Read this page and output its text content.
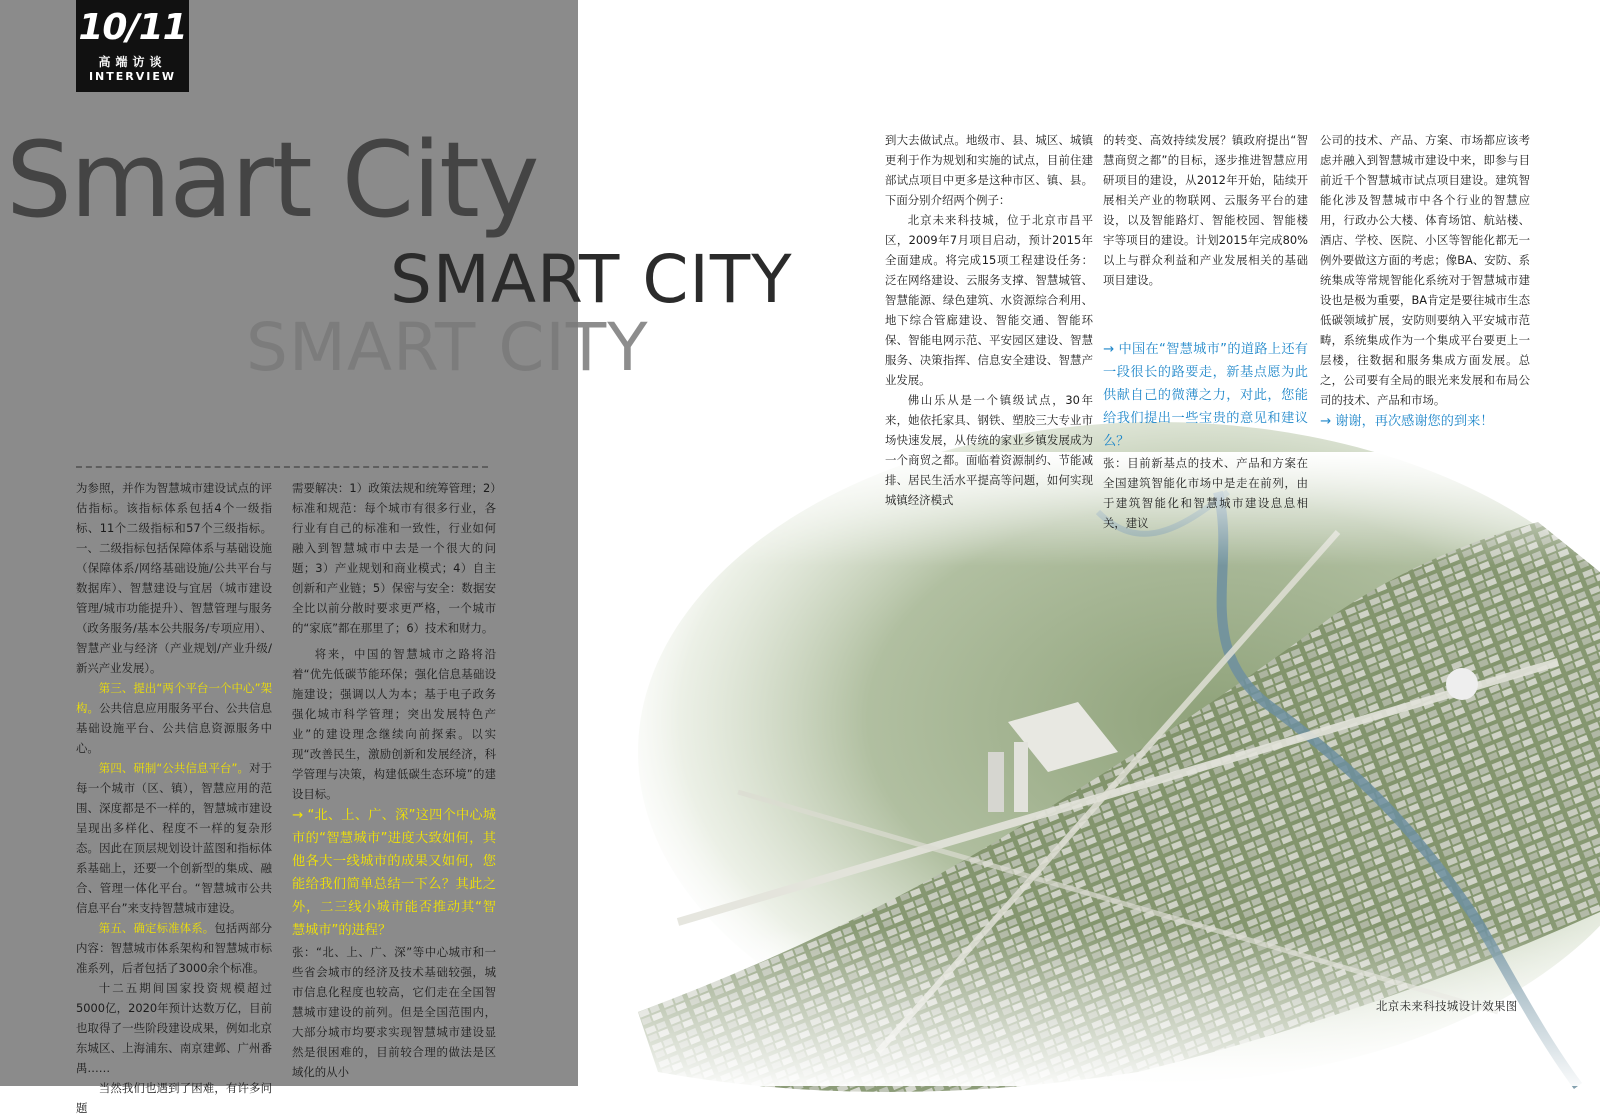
10/11
高端访谈
INTERVIEW
Smart City
SMART CITY
SMART CITY

为参照，并作为智慧城市建设试点的评估指标。该指标体系包括4个一级指标、11个二级指标和57个三级指标。一、二级指标包括保障体系与基础设施（保障体系/网络基础设施/公共平台与数据库）、智慧建设与宜居（城市建设管理/城市功能提升）、智慧管理与服务（政务服务/基本公共服务/专项应用）、智慧产业与经济（产业规划/产业升级/新兴产业发展）。

第三、提出“两个平台一个中心”架构。公共信息应用服务平台、公共信息基础设施平台、公共信息资源服务中心。

第四、研制“公共信息平台”。对于每一个城市（区、镇），智慧应用的范围、深度都是不一样的，智慧城市建设呈现出多样化、程度不一样的复杂形态。因此在顶层规划设计蓝图和指标体系基础上，还要一个创新型的集成、融合、管理一体化平台。“智慧城市公共信息平台”来支持智慧城市建设。

第五、确定标准体系。包括两部分内容：智慧城市体系架构和智慧城市标准系列，后者包括了3000余个标准。

十二五期间国家投资规模超过5000亿，2020年预计达数万亿，目前也取得了一些阶段建设成果，例如北京东城区、上海浦东、南京建邺、广州番禺……

当然我们也遇到了困难，有许多问题

需要解决：1）政策法规和统筹管理；2）标准和规范：每个城市有很多行业，各行业有自己的标准和一致性，行业如何融入到智慧城市中去是一个很大的问题；3）产业规划和商业模式；4）自主创新和产业链；5）保密与安全：数据安全比以前分散时要求更严格，一个城市的“家底”都在那里了；6）技术和财力。

将来，中国的智慧城市之路将沿着“优先低碳节能环保；强化信息基础设施建设；强调以人为本；基于电子政务强化城市科学管理；突出发展特色产业”的建设理念继续向前探索。以实现“改善民生，激励创新和发展经济，科学管理与决策，构建低碳生态环境”的建设目标。

→ “北、上、广、深”这四个中心城市的“智慧城市”进度大致如何，其他各大一线城市的成果又如何，您能给我们简单总结一下么？其此之外，二三线小城市能否推动其“智慧城市”的进程？

张：“北、上、广、深”等中心城市和一些省会城市的经济及技术基础较强，城市信息化程度也较高，它们走在全国智慧城市建设的前列。但是全国范围内，大部分城市均要求实现智慧城市建设显然是很困难的，目前较合理的做法是区域化的从小

到大去做试点。地级市、县、城区、城镇更利于作为规划和实施的试点，目前住建部试点项目中更多是这种市区、镇、县。下面分别介绍两个例子：

北京未来科技城，位于北京市昌平区，2009年7月项目启动，预计2015年全面建成。将完成15项工程建设任务：泛在网络建设、云服务支撑、智慧城管、智慧能源、绿色建筑、水资源综合利用、地下综合管廊建设、智能交通、智能环保、智能电网示范、平安园区建设、智慧服务、决策指挥、信息安全建设、智慧产业发展。

佛山乐从是一个镇级试点，30年来，她依托家具、钢铁、塑胶三大专业市场快速发展，从传统的家业乡镇发展成为一个商贸之都。面临着资源制约、节能减排、居民生活水平提高等问题，如何实现城镇经济模式

的转变、高效持续发展？镇政府提出“智慧商贸之都”的目标，逐步推进智慧应用研项目的建设，从2012年开始，陆续开展相关产业的物联网、云服务平台的建设，以及智能路灯、智能校园、智能楼宇等项目的建设。计划2015年完成80%以上与群众利益和产业发展相关的基础项目建设。

→ 中国在“智慧城市”的道路上还有一段很长的路要走，新基点愿为此供献自己的微薄之力，对此，您能给我们提出一些宝贵的意见和建议么？

张：目前新基点的技术、产品和方案在全国建筑智能化市场中是走在前列，由于建筑智能化和智慧城市建设息息相关，建议

公司的技术、产品、方案、市场都应该考虑并融入到智慧城市建设中来，即参与目前近千个智慧城市试点项目建设。建筑智能化涉及智慧城市中各个行业的智慧应用，行政办公大楼、体育场馆、航站楼、酒店、学校、医院、小区等智能化都无一例外要做这方面的考虑；像BA、安防、系统集成等常规智能化系统对于智慧城市建设也是极为重要，BA肯定是要往城市生态低碳领域扩展，安防则要纳入平安城市范畴，系统集成作为一个集成平台要更上一层楼，往数据和服务集成方面发展。总之，公司要有全局的眼光来发展和布局公司的技术、产品和市场。

→ 谢谢，再次感谢您的到来！

北京未来科技城设计效果图
